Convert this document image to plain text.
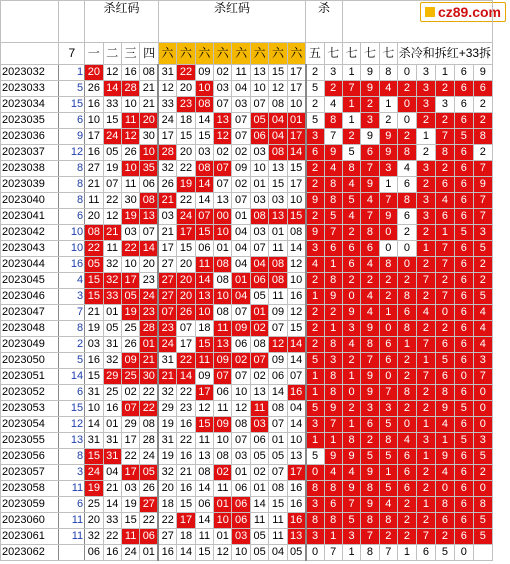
cz89.com
		杀红码				杀红码								杀									
	7	一	二	三	四	六	六	六	六	六	六	六	六	五	七	七	七	七	杀冷和拆红+33拆				
2023032	1	20	12	16	08	31	22	09	02	11	13	15	17	2	3	1	9	8	0	3	1	6	9
2023033	5	26	14	28	21	12	20	10	03	04	10	12	17	5	2	7	9	4	2	3	2	6	6
2023034	15	16	33	10	21	33	23	08	07	03	07	08	10	2	4	1	2	1	0	3	3	6	2
2023035	6	10	15	11	20	24	18	14	13	07	05	04	01	5	8	1	3	2	0	2	2	6	2
2023036	9	17	24	12	30	17	15	15	12	07	06	04	17	3	7	2	9	9	2	1	7	5	8
2023037	12	16	05	26	10	28	20	03	02	02	03	08	14	6	9	5	6	9	8	2	8	6	2
2023038	8	27	19	10	35	32	22	08	07	09	10	13	15	2	4	8	7	3	4	3	2	6	7
2023039	8	21	07	11	06	26	19	14	07	02	01	15	17	2	8	4	9	1	6	2	6	6	9
2023040	8	11	22	30	08	21	22	14	13	07	03	03	10	9	8	5	4	7	8	3	4	6	7
2023041	6	20	12	19	13	03	24	07	00	01	08	13	15	2	5	4	7	9	6	3	6	6	7
2023042	10	08	21	03	07	21	17	15	10	04	03	01	08	9	7	2	8	0	2	2	1	5	3
2023043	10	22	11	22	14	17	15	06	01	04	07	11	14	3	6	6	6	0	0	1	7	6	5
2023044	16	05	32	10	20	27	20	11	08	04	04	08	12	4	1	6	4	8	0	2	7	6	2
2023045	4	15	32	17	23	27	20	14	08	01	06	08	10	2	8	2	2	2	2	7	2	6	2
2023046	3	15	33	05	24	27	20	13	10	04	05	11	16	1	9	0	4	2	8	2	7	6	5
2023047	7	21	01	19	23	07	26	10	08	07	01	09	12	2	2	9	4	1	6	4	0	6	4
2023048	8	19	05	25	28	23	07	18	11	09	02	07	15	2	1	3	9	0	8	2	2	6	4
2023049	2	03	31	26	01	24	17	15	13	06	08	12	14	2	8	4	8	6	1	7	6	6	4
2023050	5	16	32	09	21	31	22	11	09	02	07	09	14	5	3	2	7	6	2	1	5	6	3
2023051	14	15	29	25	30	21	14	09	07	07	02	06	07	1	8	1	9	0	2	7	6	0	7
2023052	6	31	25	02	22	32	22	17	06	10	13	14	16	1	8	0	9	7	8	2	8	6	0
2023053	15	10	16	07	22	29	23	12	11	12	11	08	04	5	9	2	3	3	2	2	9	5	0
2023054	12	14	01	29	08	19	16	15	09	08	03	07	14	3	7	1	6	5	0	1	4	6	0
2023055	13	31	31	17	28	31	22	11	10	07	06	01	10	1	1	8	2	8	4	3	1	5	3
2023056	8	15	31	22	24	19	16	13	08	03	05	05	13	5	9	9	5	5	6	1	9	6	5
2023057	3	24	04	17	05	32	21	08	02	01	02	07	17	0	4	4	9	1	6	2	4	6	2
2023058	11	19	21	03	26	20	16	14	11	06	01	08	16	8	8	9	8	5	6	2	0	6	0
2023059	6	25	14	19	27	18	15	06	01	06	14	15	16	3	6	7	9	4	2	1	8	6	8
2023060	11	20	33	15	22	22	17	14	10	06	11	11	16	8	8	5	8	8	2	2	6	6	5
2023061	11	32	22	11	06	27	18	11	01	03	05	11	13	3	1	3	7	2	2	7	2	6	5
2023062		06	16	24	01	16	14	15	12	10	05	04	05	0	7	1	8	7	1	6	5	0	
